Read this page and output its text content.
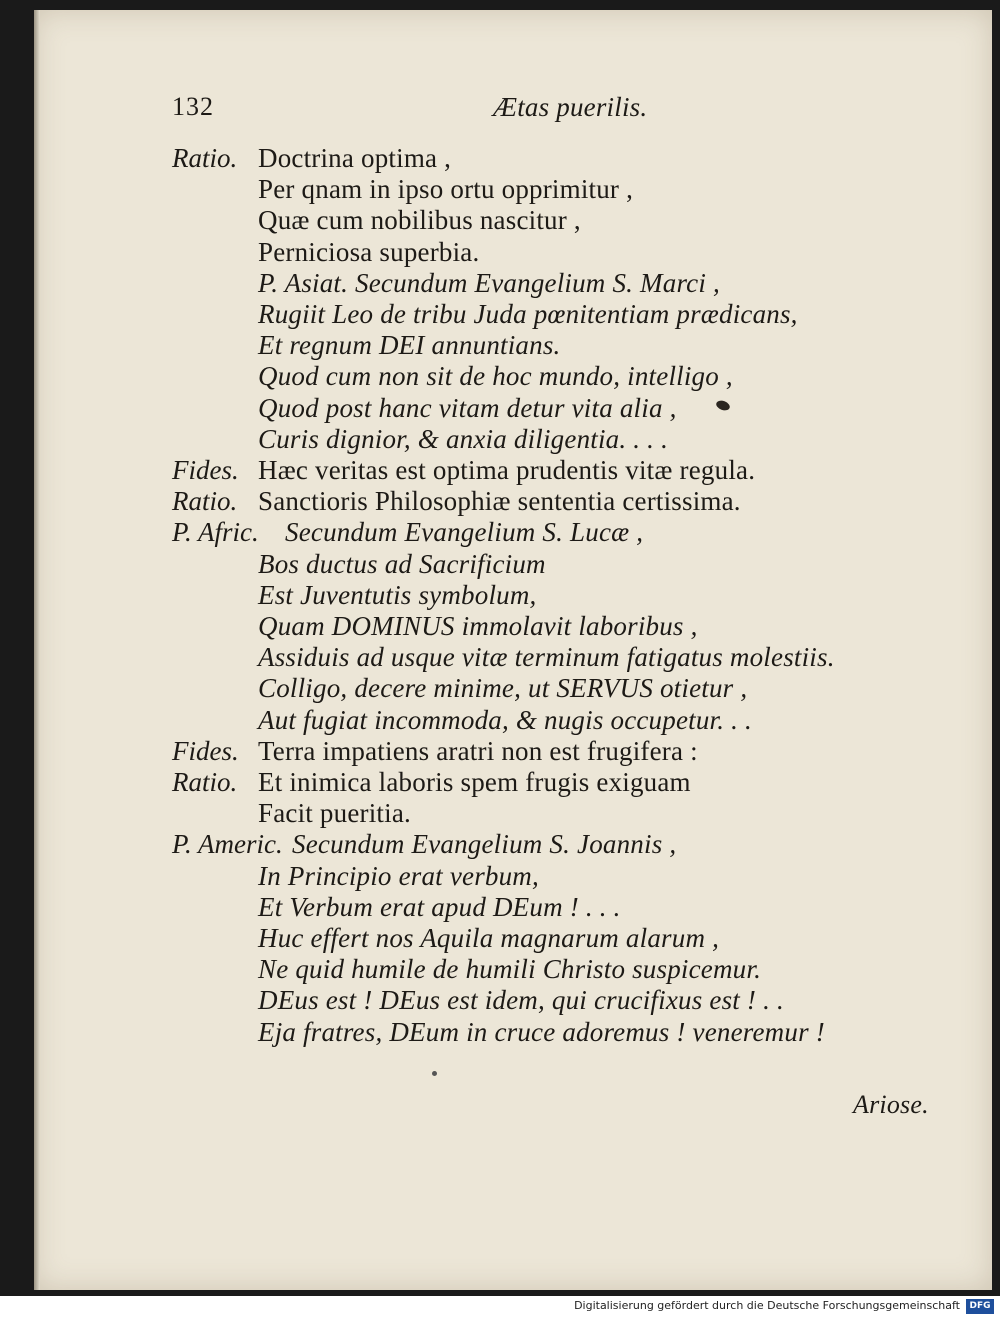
132	Ætas puerilis.
Ratio. Doctrina optima ,
Per qnam in ipso ortu opprimitur ,
Quæ cum nobilibus nascitur ,
Perniciosa superbia.
P. Asiat. Secundum Evangelium S. Marci ,
Rugiit Leo de tribu Juda pœnitentiam prædicans,
Et regnum DEI annuntians.
Quod cum non sit de hoc mundo, intelligo ,
Quod post hanc vitam detur vita alia ,
Curis dignior, & anxia diligentia. . . .
Fides. Hæc veritas est optima prudentis vitæ regula.
Ratio. Sanctioris Philosophiæ sententia certissima.
P. Afric. Secundum Evangelium S. Lucæ ,
Bos ductus ad Sacrificium
Est Juventutis symbolum,
Quam DOMINUS immolavit laboribus ,
Assiduis ad usque vitæ terminum fatigatus molestiis.
Colligo, decere minime, ut SERVUS otietur ,
Aut fugiat incommoda, & nugis occupetur. . .
Fides. Terra impatiens aratri non est frugifera :
Ratio. Et inimica laboris spem frugis exiguam
Facit pueritia.
P. Americ. Secundum Evangelium S. Joannis ,
In Principio erat verbum,
Et Verbum erat apud DEum ! . . .
Huc effert nos Aquila magnarum alarum ,
Ne quid humile de humili Christo suspicemur.
DEus est ! DEus est idem, qui crucifixus est ! . .
Eja fratres, DEum in cruce adoremus ! veneremur !
Ariose.
Digitalisierung gefördert durch die Deutsche Forschungsgemeinschaft	DFG
